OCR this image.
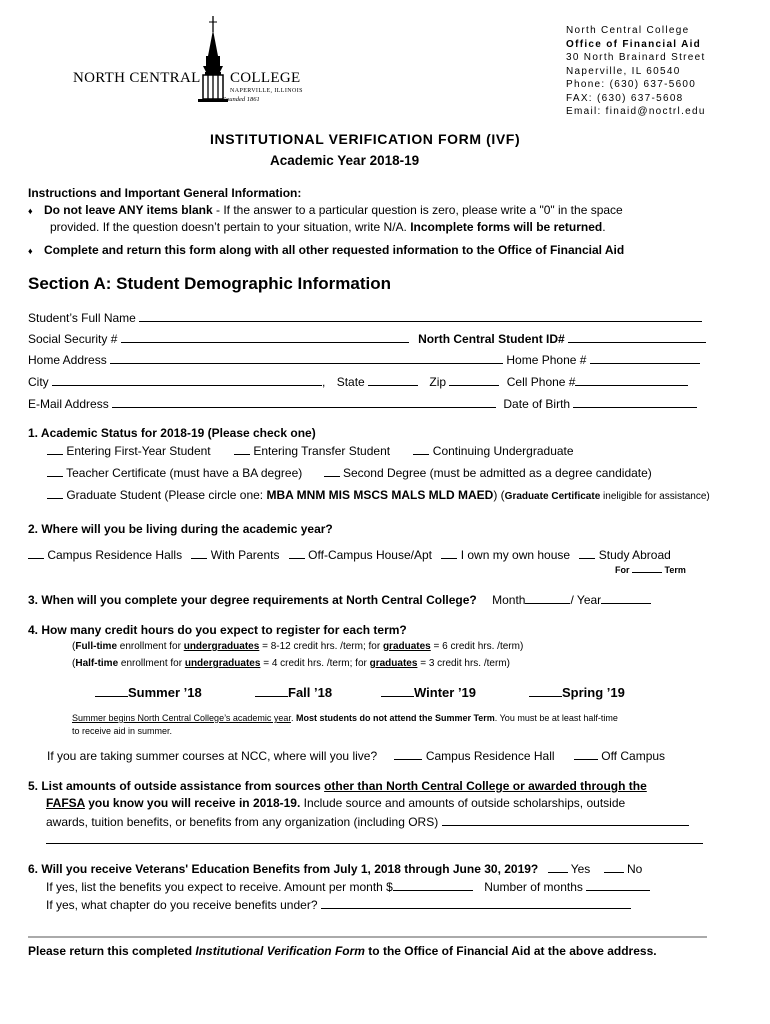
NORTH CENTRAL COLLEGE
NAPERVILLE, ILLINOIS
Founded 1861
North Central College
Office of Financial Aid
30 North Brainard Street
Naperville, IL 60540
Phone: (630) 637-5600
FAX: (630) 637-5608
Email: finaid@noctrl.edu
INSTITUTIONAL VERIFICATION FORM (IVF)
Academic Year 2018-19
Instructions and Important General Information:
♦ Do not leave ANY items blank - If the answer to a particular question is zero, please write a "0" in the space
provided. If the question doesn’t pertain to your situation, write N/A. Incomplete forms will be returned.
♦ Complete and return this form along with all other requested information to the Office of Financial Aid
Section A: Student Demographic Information
Student’s Full Name
Social Security #	North Central Student ID#
Home Address	Home Phone #
City	, State	Zip	Cell Phone #
E-Mail Address	Date of Birth
1. Academic Status for 2018-19 (Please check one)
Entering First-Year Student	Entering Transfer Student	Continuing Undergraduate
Teacher Certificate (must have a BA degree)	Second Degree (must be admitted as a degree candidate)
Graduate Student (Please circle one: MBA MNM MIS MSCS MALS MLD MAED) (Graduate Certificate ineligible for assistance)
2. Where will you be living during the academic year?
Campus Residence Halls With Parents Off-Campus House/Apt I own my own house Study Abroad
For	Term
3. When will you complete your degree requirements at North Central College? Month	/ Year
4. How many credit hours do you expect to register for each term?
(Full-time enrollment for undergraduates = 8-12 credit hrs. /term; for graduates = 6 credit hrs. /term)
(Half-time enrollment for undergraduates = 4 credit hrs. /term; for graduates = 3 credit hrs. /term)
Summer ’18	Fall ’18	Winter ’19	Spring ’19
Summer begins North Central College’s academic year. Most students do not attend the Summer Term. You must be at least half-time
to receive aid in summer.
If you are taking summer courses at NCC, where will you live?	Campus Residence Hall	Off Campus
5. List amounts of outside assistance from sources other than North Central College or awarded through the
FAFSA you know you will receive in 2018-19. Include source and amounts of outside scholarships, outside
awards, tuition benefits, or benefits from any organization (including ORS)
6. Will you receive Veterans' Education Benefits from July 1, 2018 through June 30, 2019?	Yes	No
If yes, list the benefits you expect to receive. Amount per month $	Number of months
If yes, what chapter do you receive benefits under?
Please return this completed Institutional Verification Form to the Office of Financial Aid at the above address.
